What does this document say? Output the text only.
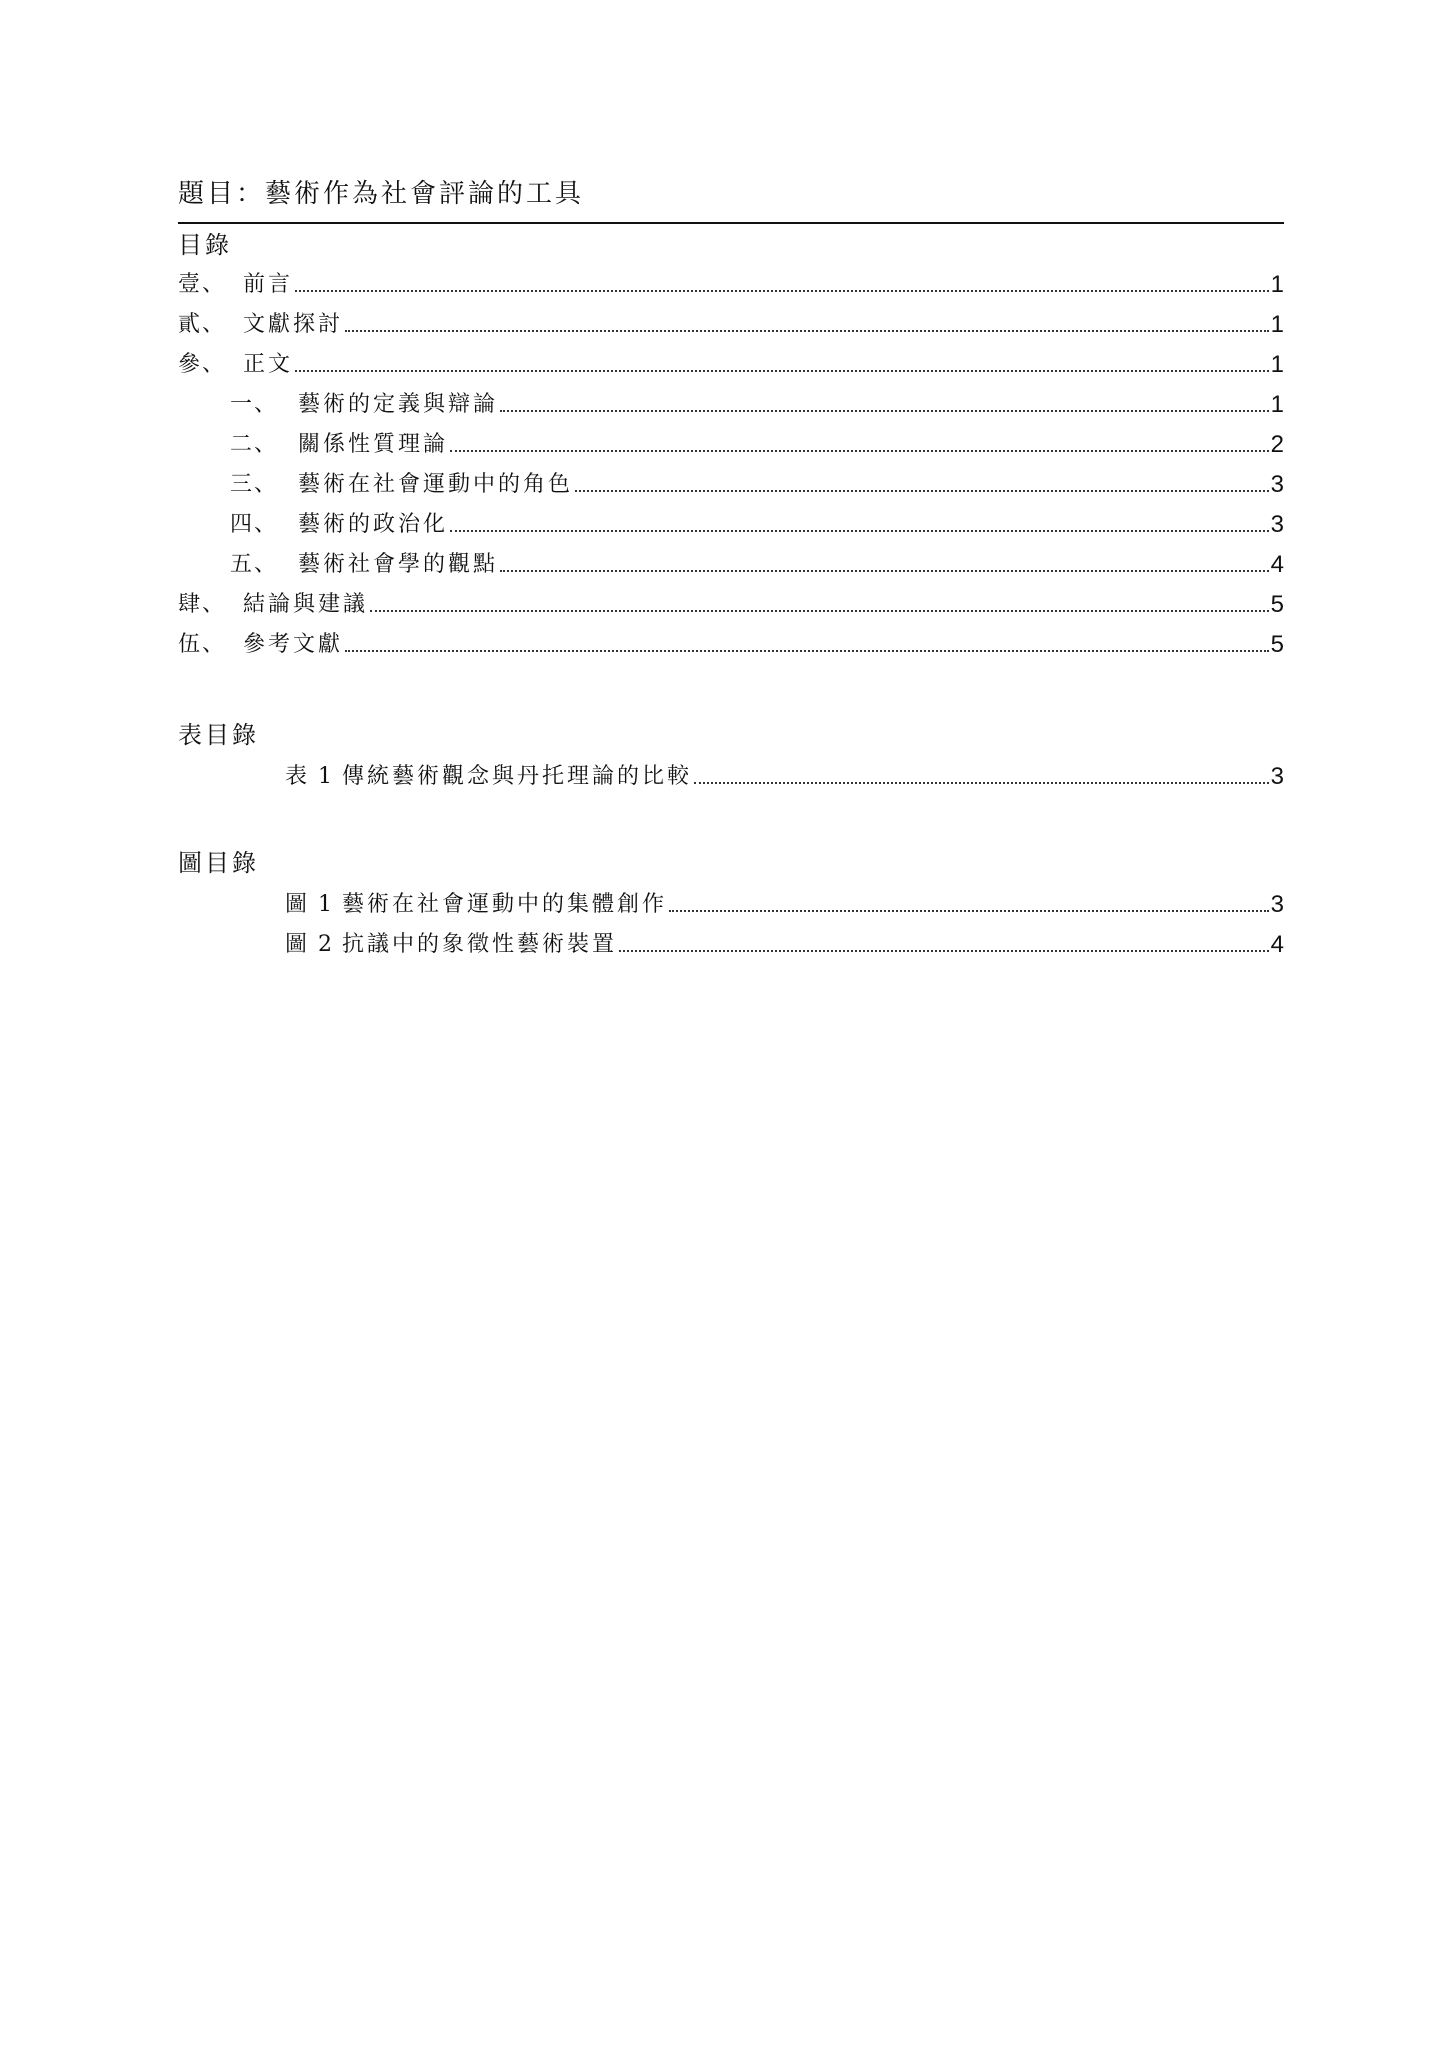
題目：藝術作為社會評論的工具
目錄
壹、 前言	1
貳、 文獻探討	1
參、 正文	1
一、 藝術的定義與辯論	1
二、 關係性質理論	2
三、 藝術在社會運動中的角色	3
四、 藝術的政治化	3
五、 藝術社會學的觀點	4
肆、 結論與建議	5
伍、 參考文獻	5
表目錄
表 1 傳統藝術觀念與丹托理論的比較	3
圖目錄
圖 1 藝術在社會運動中的集體創作	3
圖 2 抗議中的象徵性藝術裝置	4
